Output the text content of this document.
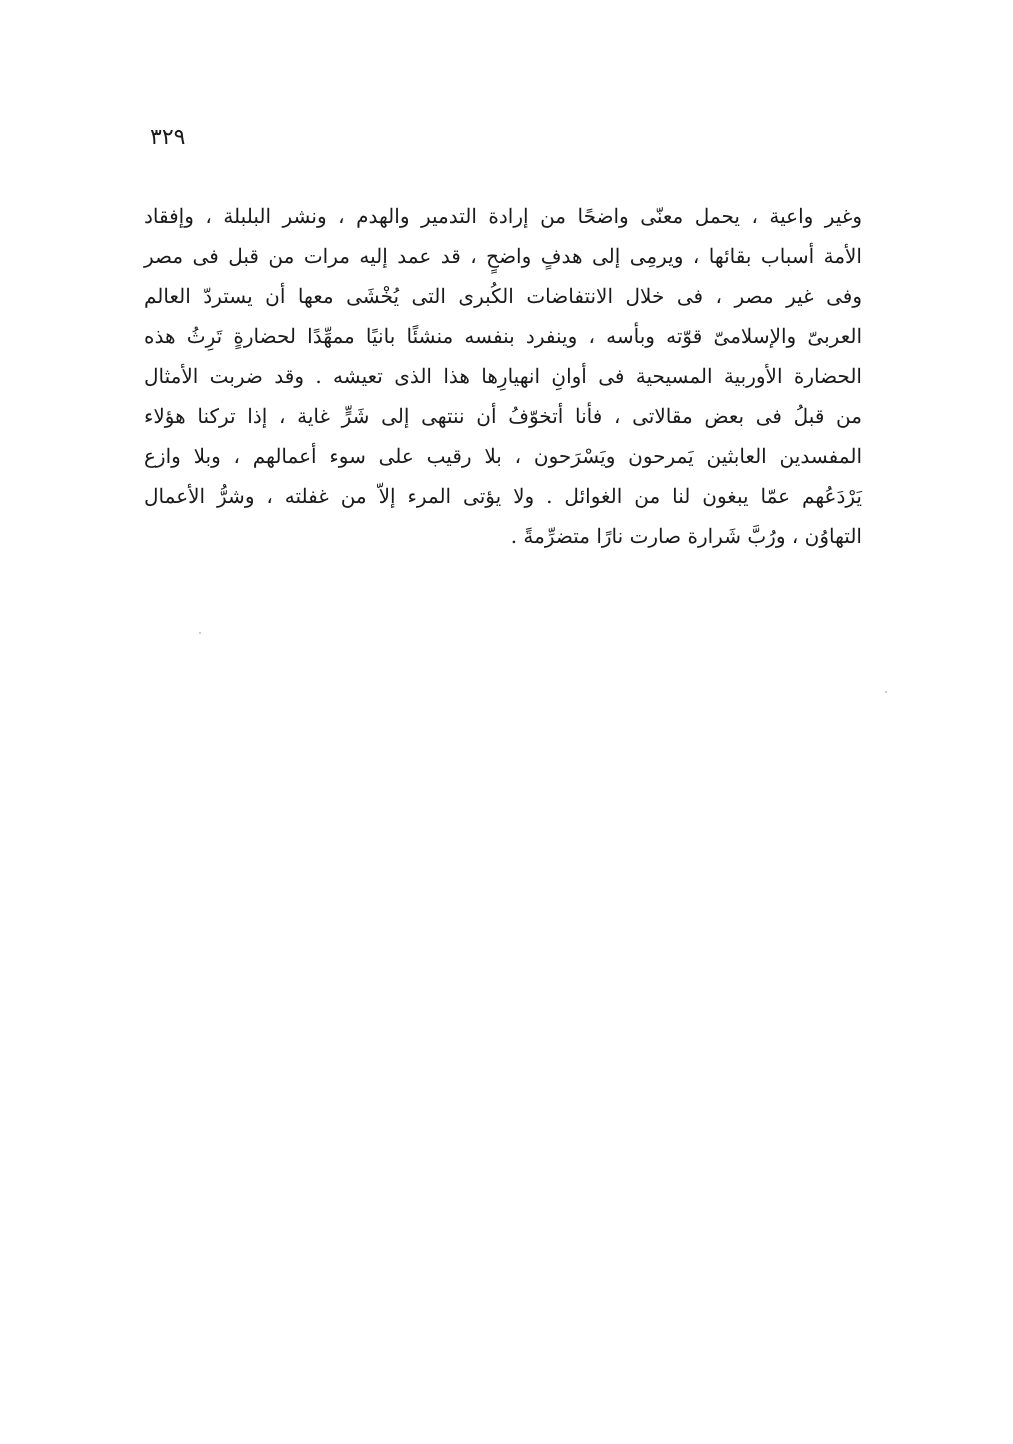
٣٢٩
وغير واعية ، يحمل معنّى واضحًا من إرادة التدمير والهدم ، ونشر البلبلة ، وإفقاد
الأمة أسباب بقائها ، ويرمِى إلى هدفٍ واضحٍ ، قد عمد إليه مرات من قبل فى مصر
وفى غير مصر ، فى خلال الانتفاضات الكُبرى التى يُخْشَى معها أن يستردّ العالم
العربىّ والإسلامىّ قوّته وبأسه ، وينفرد بنفسه منشئًا بانيًا ممهِّدًا لحضارةٍ تَرِثُ هذه
الحضارة الأوربية المسيحية فى أوانِ انهيارِها هذا الذى تعيشه . وقد ضربت الأمثال
من قبلُ فى بعض مقالاتى ، فأنا أتخوّفُ أن ننتهى إلى شَرٍّ غاية ، إذا تركنا هؤلاء
المفسدين العابثين يَمرحون ويَسْرَحون ، بلا رقيب على سوء أعمالهم ، وبلا وازع
يَرْدَعُهم عمّا يبغون لنا من الغوائل . ولا يؤتى المرء إلاّ من غفلته ، وشرُّ الأعمال
التهاوُن ، ورُبَّ شَرارة صارت نارًا متضرِّمةً .
